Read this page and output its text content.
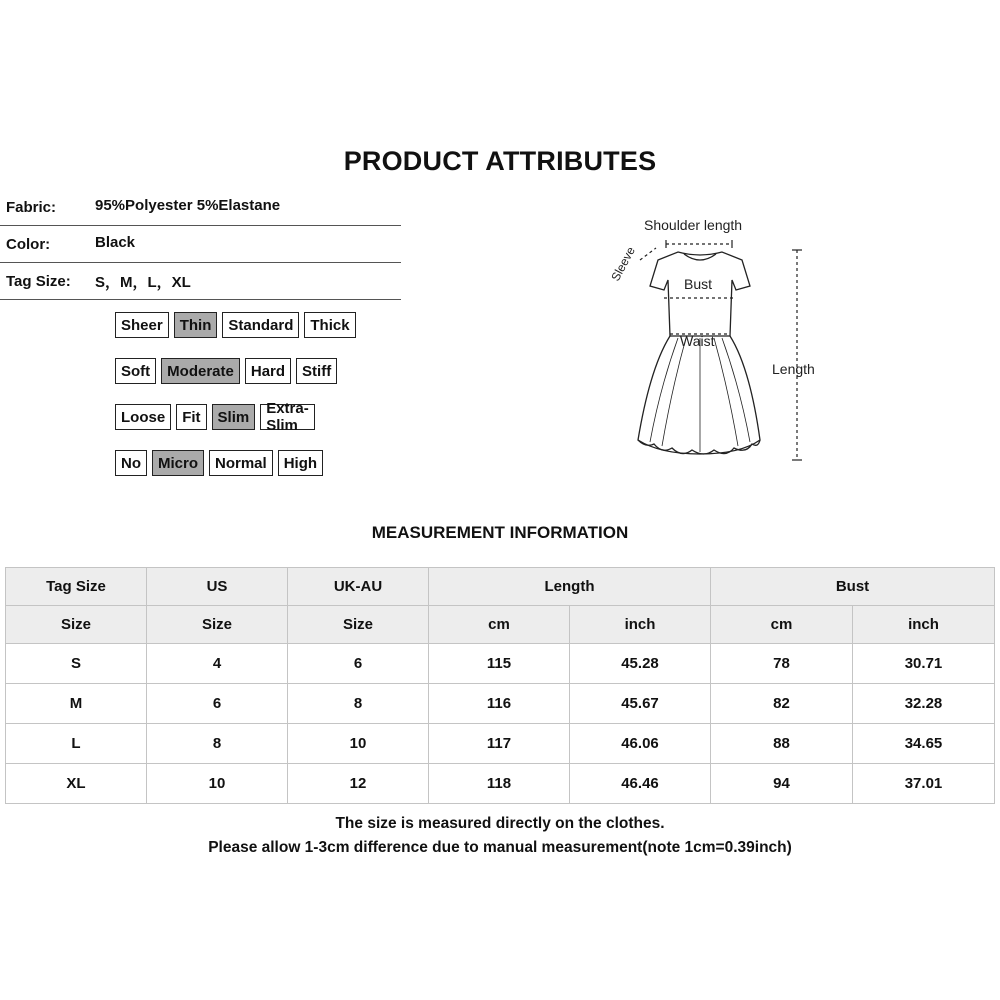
PRODUCT ATTRIBUTES
Fabric:	95%Polyester 5%Elastane
Color:	Black
Tag Size: S，M，L，XL
Sheer	Thin	Standard	Thick
Soft	Moderate	Hard	Stiff
Loose	Fit	Slim	Extra-Slim
No	Micro	Normal	High
Shoulder length
Sleeve
Bust
Waist
Length
MEASUREMENT INFORMATION
Tag Size	US	UK-AU	Length		Bust	
Size	Size	Size	cm	inch	cm	inch
S	4	6	115	45.28	78	30.71
M	6	8	116	45.67	82	32.28
L	8	10	117	46.06	88	34.65
XL	10	12	118	46.46	94	37.01
The size is measured directly on the clothes.
Please allow 1-3cm difference due to manual measurement(note 1cm=0.39inch)
